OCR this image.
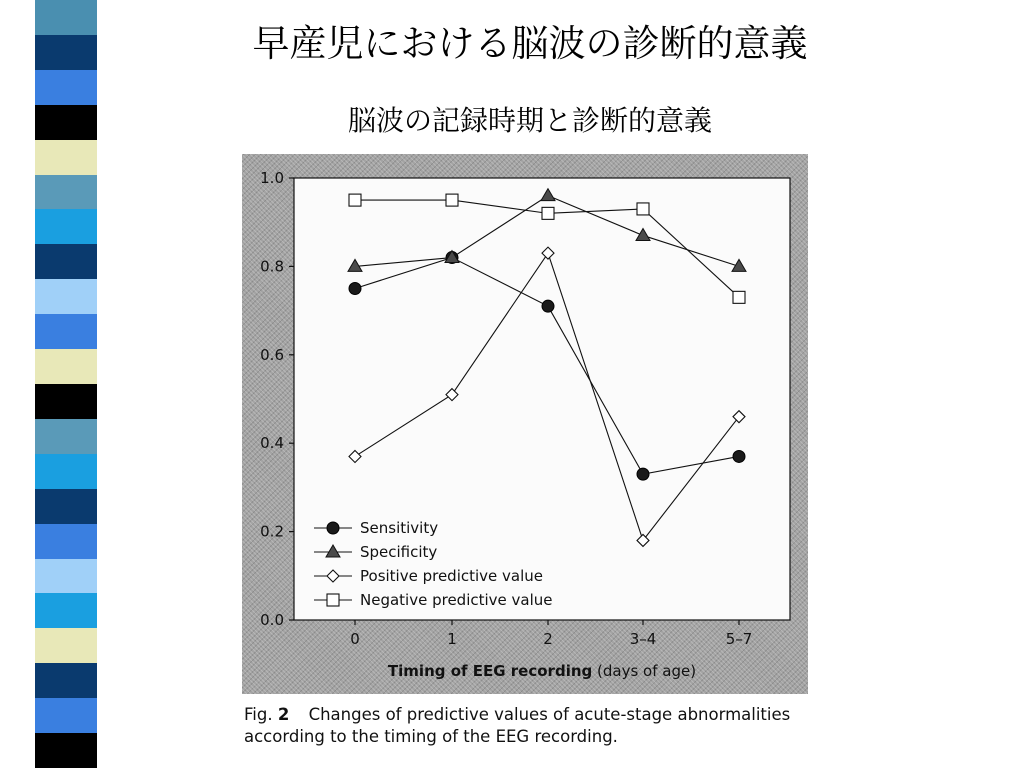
早産児における脳波の診断的意義
脳波の記録時期と診断的意義
0.0
0.2
0.4
0.6
0.8
1.0
0	1	2	3–4	5–7
Timing of EEG recording (days of age)
Sensitivity
Specificity
Positive predictive value
Negative predictive value
Fig. 2 Changes of predictive values of acute-stage abnormalities according to the timing of the EEG recording.
